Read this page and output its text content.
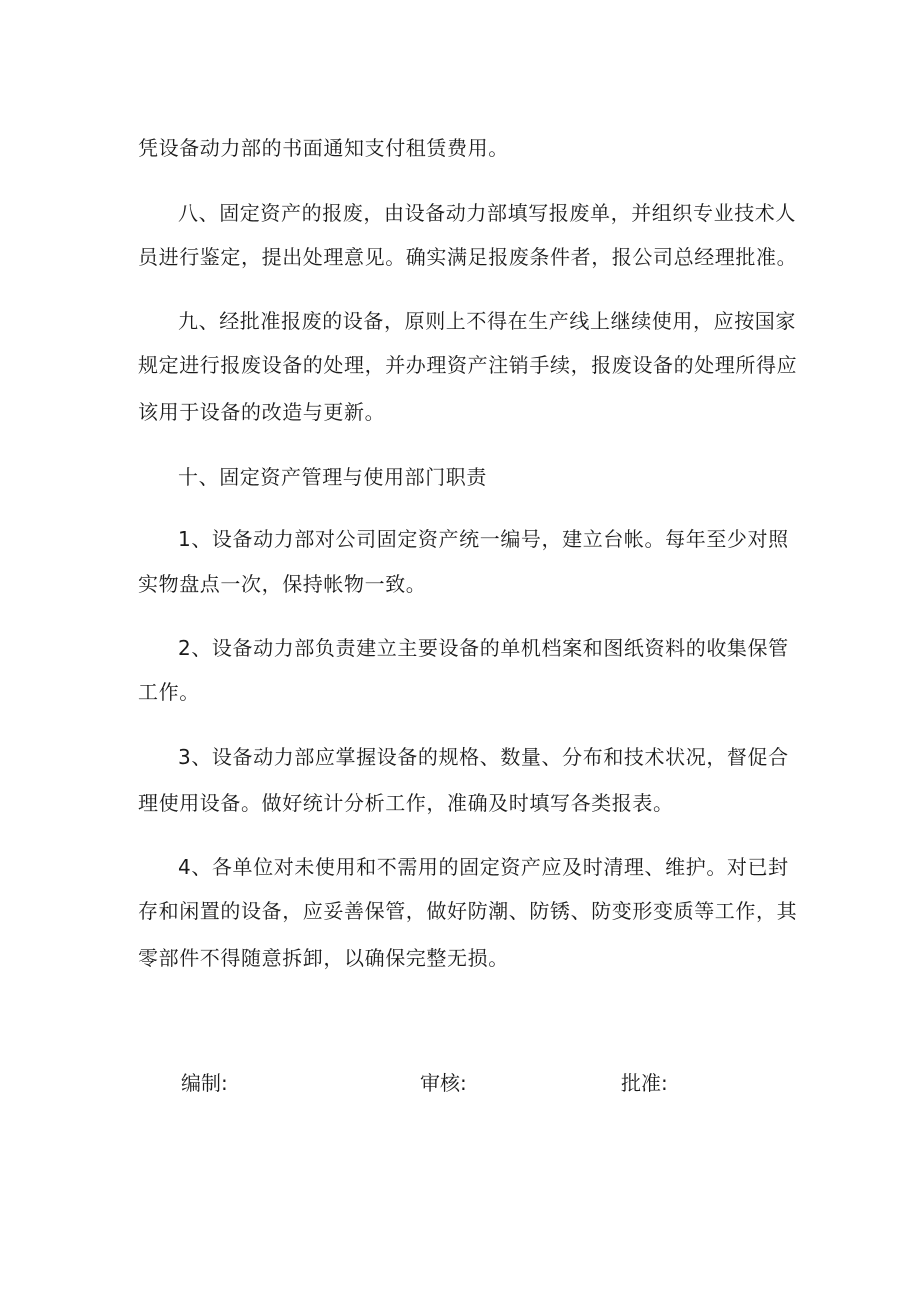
凭设备动力部的书面通知支付租赁费用。
八、固定资产的报废，由设备动力部填写报废单，并组织专业技术人
员进行鉴定，提出处理意见。确实满足报废条件者，报公司总经理批准。
九、经批准报废的设备，原则上不得在生产线上继续使用，应按国家
规定进行报废设备的处理，并办理资产注销手续，报废设备的处理所得应
该用于设备的改造与更新。
十、固定资产管理与使用部门职责
1、设备动力部对公司固定资产统一编号，建立台帐。每年至少对照
实物盘点一次，保持帐物一致。
2、设备动力部负责建立主要设备的单机档案和图纸资料的收集保管
工作。
3、设备动力部应掌握设备的规格、数量、分布和技术状况，督促合
理使用设备。做好统计分析工作，准确及时填写各类报表。
4、各单位对未使用和不需用的固定资产应及时清理、维护。对已封
存和闲置的设备，应妥善保管，做好防潮、防锈、防变形变质等工作，其
零部件不得随意拆卸，以确保完整无损。
编制:	审核:	批准:
